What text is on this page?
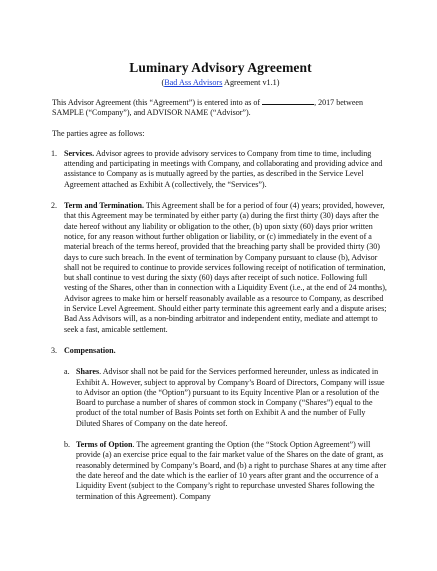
Luminary Advisory Agreement
(Bad Ass Advisors Agreement v1.1)

This Advisor Agreement (this “Agreement”) is entered into as of	, 2017 between SAMPLE (“Company”), and ADVISOR NAME (“Advisor”).

The parties agree as follows:

1. Services. Advisor agrees to provide advisory services to Company from time to time, including attending and participating in meetings with Company, and collaborating and providing advice and assistance to Company as is mutually agreed by the parties, as described in the Service Level Agreement attached as Exhibit A (collectively, the “Services”).

2. Term and Termination. This Agreement shall be for a period of four (4) years; provided, however, that this Agreement may be terminated by either party (a) during the first thirty (30) days after the date hereof without any liability or obligation to the other, (b) upon sixty (60) days prior written notice, for any reason without further obligation or liability, or (c) immediately in the event of a material breach of the terms hereof, provided that the breaching party shall be provided thirty (30) days to cure such breach. In the event of termination by Company pursuant to clause (b), Advisor shall not be required to continue to provide services following receipt of notification of termination, but shall continue to vest during the sixty (60) days after receipt of such notice. Following full vesting of the Shares, other than in connection with a Liquidity Event (i.e., at the end of 24 months), Advisor agrees to make him or herself reasonably available as a resource to Company, as described in Service Level Agreement. Should either party terminate this agreement early and a dispute arises; Bad Ass Advisors will, as a non-binding arbitrator and independent entity, mediate and attempt to seek a fast, amicable settlement.

3. Compensation.

a. Shares. Advisor shall not be paid for the Services performed hereunder, unless as indicated in Exhibit A. However, subject to approval by Company’s Board of Directors, Company will issue to Advisor an option (the “Option”) pursuant to its Equity Incentive Plan or a resolution of the Board to purchase a number of shares of common stock in Company (“Shares”) equal to the product of the total number of Basis Points set forth on Exhibit A and the number of Fully Diluted Shares of Company on the date hereof.

b. Terms of Option. The agreement granting the Option (the “Stock Option Agreement”) will provide (a) an exercise price equal to the fair market value of the Shares on the date of grant, as reasonably determined by Company’s Board, and (b) a right to purchase Shares at any time after the date hereof and the date which is the earlier of 10 years after grant and the occurrence of a Liquidity Event (subject to the Company’s right to repurchase unvested Shares following the termination of this Agreement). Company
